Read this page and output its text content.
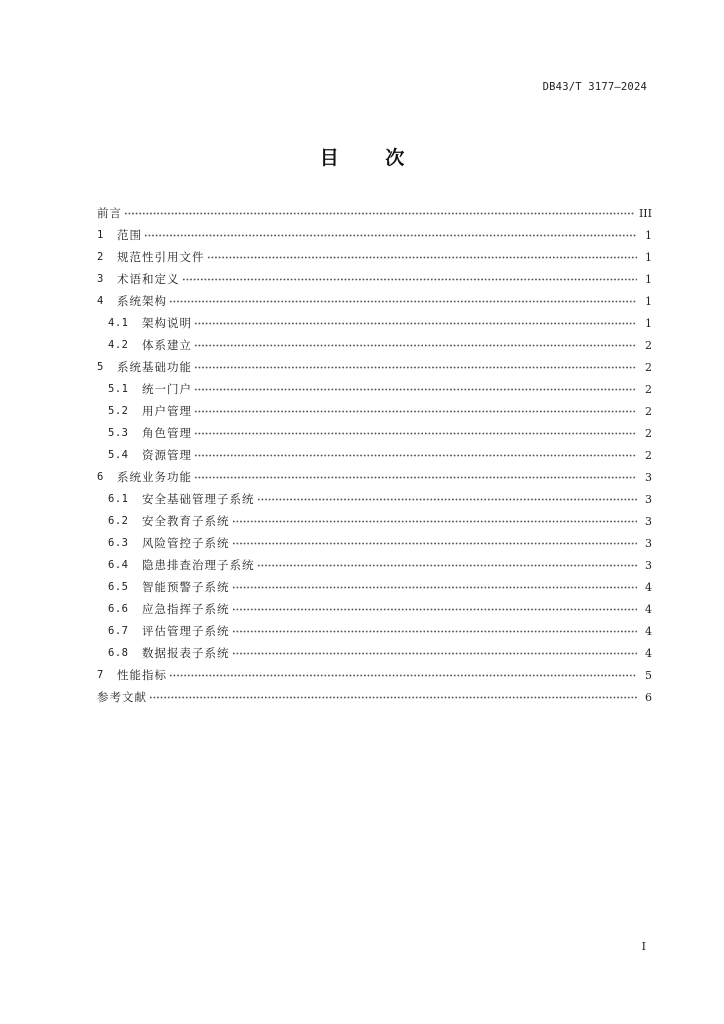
DB43/T 3177—2024
目 次
前言	III
1	范围	1
2	规范性引用文件	1
3	术语和定义	1
4	系统架构	1
4.1	架构说明	1
4.2	体系建立	2
5	系统基础功能	2
5.1	统一门户	2
5.2	用户管理	2
5.3	角色管理	2
5.4	资源管理	2
6	系统业务功能	3
6.1	安全基础管理子系统	3
6.2	安全教育子系统	3
6.3	风险管控子系统	3
6.4	隐患排查治理子系统	3
6.5	智能预警子系统	4
6.6	应急指挥子系统	4
6.7	评估管理子系统	4
6.8	数据报表子系统	4
7	性能指标	5
参考文献	6
I
